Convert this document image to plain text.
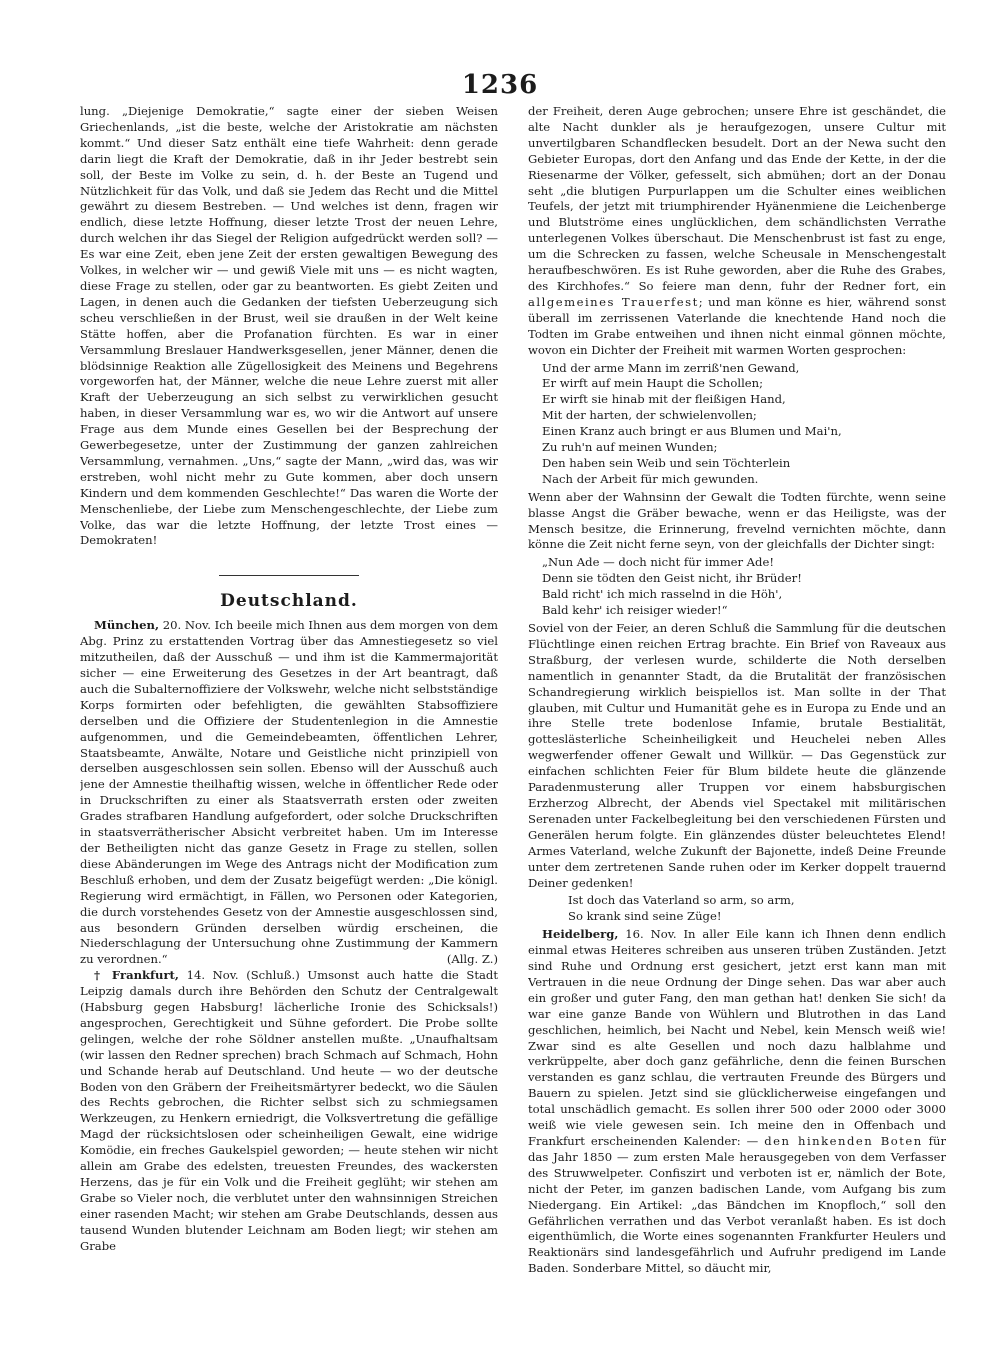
1236

lung. „Diejenige Demokratie,“ sagte einer der sieben Weisen Griechenlands, „ist die beste, welche der Aristokratie am nächsten kommt.“ Und dieser Satz enthält eine tiefe Wahrheit: denn gerade darin liegt die Kraft der Demokratie, daß in ihr Jeder bestrebt sein soll, der Beste im Volke zu sein, d. h. der Beste an Tugend und Nützlichkeit für das Volk, und daß sie Jedem das Recht und die Mittel gewährt zu diesem Bestreben. — Und welches ist denn, fragen wir endlich, diese letzte Hoffnung, dieser letzte Trost der neuen Lehre, durch welchen ihr das Siegel der Religion aufgedrückt werden soll? — Es war eine Zeit, eben jene Zeit der ersten gewaltigen Bewegung des Volkes, in welcher wir — und gewiß Viele mit uns — es nicht wagten, diese Frage zu stellen, oder gar zu beantworten. Es giebt Zeiten und Lagen, in denen auch die Gedanken der tiefsten Ueberzeugung sich scheu verschließen in der Brust, weil sie draußen in der Welt keine Stätte hoffen, aber die Profanation fürchten. Es war in einer Versammlung Breslauer Handwerksgesellen, jener Männer, denen die blödsinnige Reaktion alle Zügellosigkeit des Meinens und Begehrens vorgeworfen hat, der Männer, welche die neue Lehre zuerst mit aller Kraft der Ueberzeugung an sich selbst zu verwirklichen gesucht haben, in dieser Versammlung war es, wo wir die Antwort auf unsere Frage aus dem Munde eines Gesellen bei der Besprechung der Gewerbegesetze, unter der Zustimmung der ganzen zahlreichen Versammlung, vernahmen. „Uns,“ sagte der Mann, „wird das, was wir erstreben, wohl nicht mehr zu Gute kommen, aber doch unsern Kindern und dem kommenden Geschlechte!“ Das waren die Worte der Menschenliebe, der Liebe zum Menschengeschlechte, der Liebe zum Volke, das war die letzte Hoffnung, der letzte Trost eines — Demokraten!

Deutschland.

München, 20. Nov. Ich beeile mich Ihnen aus dem morgen von dem Abg. Prinz zu erstattenden Vortrag über das Amnestiegesetz so viel mitzutheilen, daß der Ausschuß — und ihm ist die Kammermajorität sicher — eine Erweiterung des Gesetzes in der Art beantragt, daß auch die Subalternoffiziere der Volkswehr, welche nicht selbstständige Korps formirten oder befehligten, die gewählten Stabsoffiziere derselben und die Offiziere der Studentenlegion in die Amnestie aufgenommen, und die Gemeindebeamten, öffentlichen Lehrer, Staatsbeamte, Anwälte, Notare und Geistliche nicht prinzipiell von derselben ausgeschlossen sein sollen. Ebenso will der Ausschuß auch jene der Amnestie theilhaftig wissen, welche in öffentlicher Rede oder in Druckschriften zu einer als Staatsverrath ersten oder zweiten Grades strafbaren Handlung aufgefordert, oder solche Druckschriften in staatsverrätherischer Absicht verbreitet haben. Um im Interesse der Betheiligten nicht das ganze Gesetz in Frage zu stellen, sollen diese Abänderungen im Wege des Antrags nicht der Modification zum Beschluß erhoben, und dem der Zusatz beigefügt werden: „Die königl. Regierung wird ermächtigt, in Fällen, wo Personen oder Kategorien, die durch vorstehendes Gesetz von der Amnestie ausgeschlossen sind, aus besondern Gründen derselben würdig erscheinen, die Niederschlagung der Untersuchung ohne Zustimmung der Kammern zu verordnen.“	(Allg. Z.)

† Frankfurt, 14. Nov. (Schluß.) Umsonst auch hatte die Stadt Leipzig damals durch ihre Behörden den Schutz der Centralgewalt (Habsburg gegen Habsburg! lächerliche Ironie des Schicksals!) angesprochen, Gerechtigkeit und Sühne gefordert. Die Probe sollte gelingen, welche der rohe Söldner anstellen mußte. „Unaufhaltsam (wir lassen den Redner sprechen) brach Schmach auf Schmach, Hohn und Schande herab auf Deutschland. Und heute — wo der deutsche Boden von den Gräbern der Freiheitsmärtyrer bedeckt, wo die Säulen des Rechts gebrochen, die Richter selbst sich zu schmiegsamen Werkzeugen, zu Henkern erniedrigt, die Volksvertretung die gefällige Magd der rücksichtslosen oder scheinheiligen Gewalt, eine widrige Komödie, ein freches Gaukelspiel geworden; — heute stehen wir nicht allein am Grabe des edelsten, treuesten Freundes, des wackersten Herzens, das je für ein Volk und die Freiheit geglüht; wir stehen am Grabe so Vieler noch, die verblutet unter den wahnsinnigen Streichen einer rasenden Macht; wir stehen am Grabe Deutschlands, dessen aus tausend Wunden blutender Leichnam am Boden liegt; wir stehen am Grabe

der Freiheit, deren Auge gebrochen; unsere Ehre ist geschändet, die alte Nacht dunkler als je heraufgezogen, unsere Cultur mit unvertilgbaren Schandflecken besudelt. Dort an der Newa sucht den Gebieter Europas, dort den Anfang und das Ende der Kette, in der die Riesenarme der Völker, gefesselt, sich abmühen; dort an der Donau seht „die blutigen Purpurlappen um die Schulter eines weiblichen Teufels, der jetzt mit triumphirender Hyänenmiene die Leichenberge und Blutströme eines unglücklichen, dem schändlichsten Verrathe unterlegenen Volkes überschaut. Die Menschenbrust ist fast zu enge, um die Schrecken zu fassen, welche Scheusale in Menschengestalt heraufbeschwören. Es ist Ruhe geworden, aber die Ruhe des Grabes, des Kirchhofes.“ So feiere man denn, fuhr der Redner fort, ein allgemeines Trauerfest; und man könne es hier, während sonst überall im zerrissenen Vaterlande die knechtende Hand noch die Todten im Grabe entweihen und ihnen nicht einmal gönnen möchte, wovon ein Dichter der Freiheit mit warmen Worten gesprochen:

Und der arme Mann im zerriß'nen Gewand,
Er wirft auf mein Haupt die Schollen;
Er wirft sie hinab mit der fleißigen Hand,
Mit der harten, der schwielenvollen;
Einen Kranz auch bringt er aus Blumen und Mai'n,
Zu ruh'n auf meinen Wunden;
Den haben sein Weib und sein Töchterlein
Nach der Arbeit für mich gewunden.

Wenn aber der Wahnsinn der Gewalt die Todten fürchte, wenn seine blasse Angst die Gräber bewache, wenn er das Heiligste, was der Mensch besitze, die Erinnerung, frevelnd vernichten möchte, dann könne die Zeit nicht ferne seyn, von der gleichfalls der Dichter singt:

„Nun Ade — doch nicht für immer Ade!
Denn sie tödten den Geist nicht, ihr Brüder!
Bald richt' ich mich rasselnd in die Höh',
Bald kehr' ich reisiger wieder!“

Soviel von der Feier, an deren Schluß die Sammlung für die deutschen Flüchtlinge einen reichen Ertrag brachte. Ein Brief von Raveaux aus Straßburg, der verlesen wurde, schilderte die Noth derselben namentlich in genannter Stadt, da die Brutalität der französischen Schandregierung wirklich beispiellos ist. Man sollte in der That glauben, mit Cultur und Humanität gehe es in Europa zu Ende und an ihre Stelle trete bodenlose Infamie, brutale Bestialität, gotteslästerliche Scheinheiligkeit und Heuchelei neben Alles wegwerfender offener Gewalt und Willkür. — Das Gegenstück zur einfachen schlichten Feier für Blum bildete heute die glänzende Paradenmusterung aller Truppen vor einem habsburgischen Erzherzog Albrecht, der Abends viel Spectakel mit militärischen Serenaden unter Fackelbegleitung bei den verschiedenen Fürsten und Generälen herum folgte. Ein glänzendes düster beleuchtetes Elend! Armes Vaterland, welche Zukunft der Bajonette, indeß Deine Freunde unter dem zertretenen Sande ruhen oder im Kerker doppelt trauernd Deiner gedenken!

Ist doch das Vaterland so arm, so arm,
So krank sind seine Züge!

Heidelberg, 16. Nov. In aller Eile kann ich Ihnen denn endlich einmal etwas Heiteres schreiben aus unseren trüben Zuständen. Jetzt sind Ruhe und Ordnung erst gesichert, jetzt erst kann man mit Vertrauen in die neue Ordnung der Dinge sehen. Das war aber auch ein großer und guter Fang, den man gethan hat! denken Sie sich! da war eine ganze Bande von Wühlern und Blutrothen in das Land geschlichen, heimlich, bei Nacht und Nebel, kein Mensch weiß wie! Zwar sind es alte Gesellen und noch dazu halblahme und verkrüppelte, aber doch ganz gefährliche, denn die feinen Burschen verstanden es ganz schlau, die vertrauten Freunde des Bürgers und Bauern zu spielen. Jetzt sind sie glücklicherweise eingefangen und total unschädlich gemacht. Es sollen ihrer 500 oder 2000 oder 3000 weiß wie viele gewesen sein. Ich meine den in Offenbach und Frankfurt erscheinenden Kalender: — den hinkenden Boten für das Jahr 1850 — zum ersten Male herausgegeben von dem Verfasser des Struwwelpeter. Confiszirt und verboten ist er, nämlich der Bote, nicht der Peter, im ganzen badischen Lande, vom Aufgang bis zum Niedergang. Ein Artikel: „das Bändchen im Knopfloch,“ soll den Gefährlichen verrathen und das Verbot veranlaßt haben. Es ist doch eigenthümlich, die Worte eines sogenannten Frankfurter Heulers und Reaktionärs sind landesgefährlich und Aufruhr predigend im Lande Baden. Sonderbare Mittel, so däucht mir,
